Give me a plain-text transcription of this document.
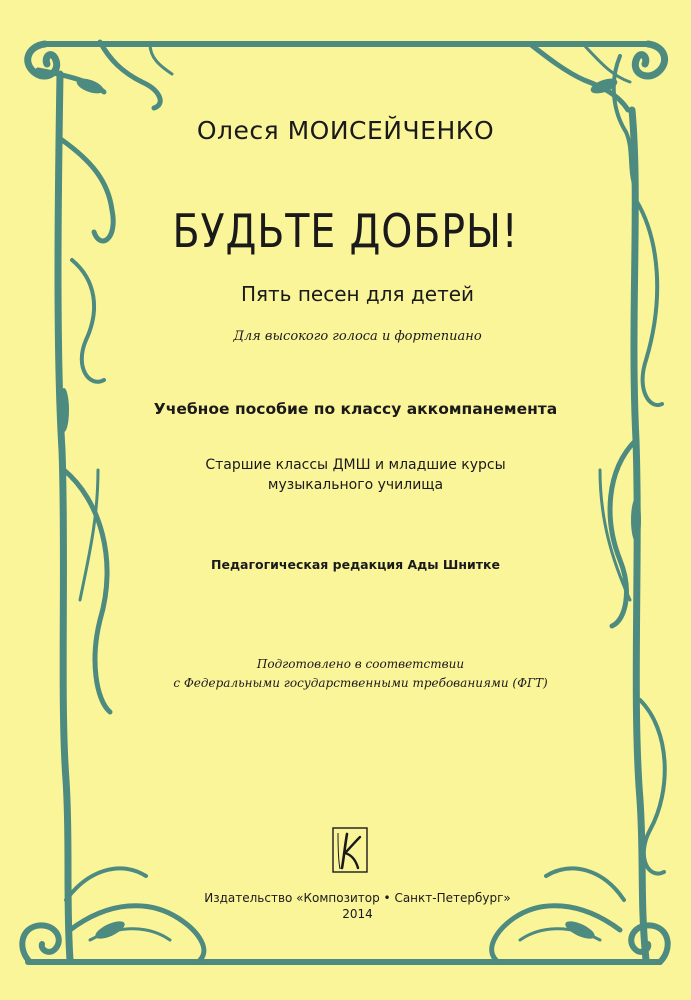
Олеся МОИСЕЙЧЕНКО

БУДЬТЕ ДОБРЫ!

Пять песен для детей

Для высокого голоса и фортепиано

Учебное пособие по классу аккомпанемента

Старшие классы ДМШ и младшие курсы

музыкального училища

Педагогическая редакция Ады Шнитке

Подготовлено в соответствии

с Федеральными государственными требованиями (ФГТ)

Издательство «Композитор • Санкт-Петербург»

2014
